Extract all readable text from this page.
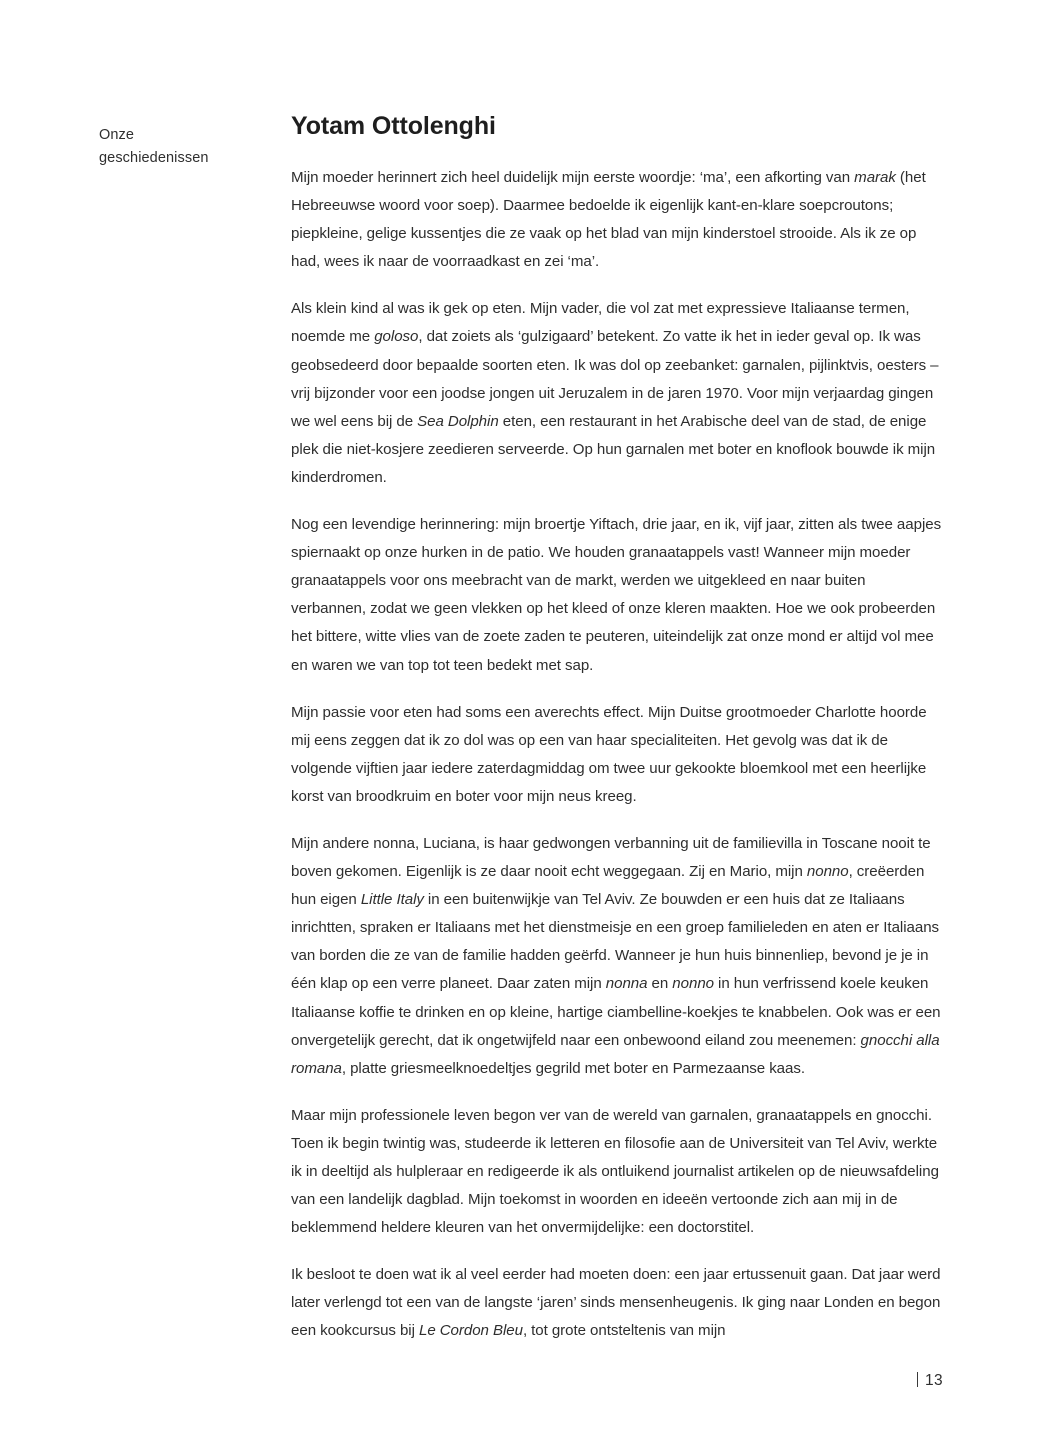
Onze
geschiedenissen
Yotam Ottolenghi

Mijn moeder herinnert zich heel duidelijk mijn eerste woordje: ‘ma’, een afkorting van marak (het Hebreeuwse woord voor soep). Daarmee bedoelde ik eigenlijk kant-en-klare soepcroutons; piepkleine, gelige kussentjes die ze vaak op het blad van mijn kinderstoel strooide. Als ik ze op had, wees ik naar de voorraadkast en zei ‘ma’.

Als klein kind al was ik gek op eten. Mijn vader, die vol zat met expressieve Italiaanse termen, noemde me goloso, dat zoiets als ‘gulzigaard’ betekent. Zo vatte ik het in ieder geval op. Ik was geobsedeerd door bepaalde soorten eten. Ik was dol op zeebanket: garnalen, pijlinktvis, oesters – vrij bijzonder voor een joodse jongen uit Jeruzalem in de jaren 1970. Voor mijn verjaardag gingen we wel eens bij de Sea Dolphin eten, een restaurant in het Arabische deel van de stad, de enige plek die niet-kosjere zeedieren serveerde. Op hun garnalen met boter en knoflook bouwde ik mijn kinderdromen.

Nog een levendige herinnering: mijn broertje Yiftach, drie jaar, en ik, vijf jaar, zitten als twee aapjes spiernaakt op onze hurken in de patio. We houden granaatappels vast! Wanneer mijn moeder granaatappels voor ons meebracht van de markt, werden we uitgekleed en naar buiten verbannen, zodat we geen vlekken op het kleed of onze kleren maakten. Hoe we ook probeerden het bittere, witte vlies van de zoete zaden te peuteren, uiteindelijk zat onze mond er altijd vol mee en waren we van top tot teen bedekt met sap.

Mijn passie voor eten had soms een averechts effect. Mijn Duitse grootmoeder Charlotte hoorde mij eens zeggen dat ik zo dol was op een van haar specialiteiten. Het gevolg was dat ik de volgende vijftien jaar iedere zaterdagmiddag om twee uur gekookte bloemkool met een heerlijke korst van broodkruim en boter voor mijn neus kreeg.

Mijn andere nonna, Luciana, is haar gedwongen verbanning uit de familievilla in Toscane nooit te boven gekomen. Eigenlijk is ze daar nooit echt weggegaan. Zij en Mario, mijn nonno, creëerden hun eigen Little Italy in een buitenwijkje van Tel Aviv. Ze bouwden er een huis dat ze Italiaans inrichtten, spraken er Italiaans met het dienstmeisje en een groep familieleden en aten er Italiaans van borden die ze van de familie hadden geërfd. Wanneer je hun huis binnenliep, bevond je je in één klap op een verre planeet. Daar zaten mijn nonna en nonno in hun verfrissend koele keuken Italiaanse koffie te drinken en op kleine, hartige ciambelline-koekjes te knabbelen. Ook was er een onvergetelijk gerecht, dat ik ongetwijfeld naar een onbewoond eiland zou meenemen: gnocchi alla romana, platte griesmeelknoedeltjes gegrild met boter en Parmezaanse kaas.

Maar mijn professionele leven begon ver van de wereld van garnalen, granaatappels en gnocchi. Toen ik begin twintig was, studeerde ik letteren en filosofie aan de Universiteit van Tel Aviv, werkte ik in deeltijd als hulpleraar en redigeerde ik als ontluikend journalist artikelen op de nieuwsafdeling van een landelijk dagblad. Mijn toekomst in woorden en ideeën vertoonde zich aan mij in de beklemmend heldere kleuren van het onvermijdelijke: een doctorstitel.

Ik besloot te doen wat ik al veel eerder had moeten doen: een jaar ertussenuit gaan. Dat jaar werd later verlengd tot een van de langste ‘jaren’ sinds mensenheugenis. Ik ging naar Londen en begon een kookcursus bij Le Cordon Bleu, tot grote ontsteltenis van mijn

13
